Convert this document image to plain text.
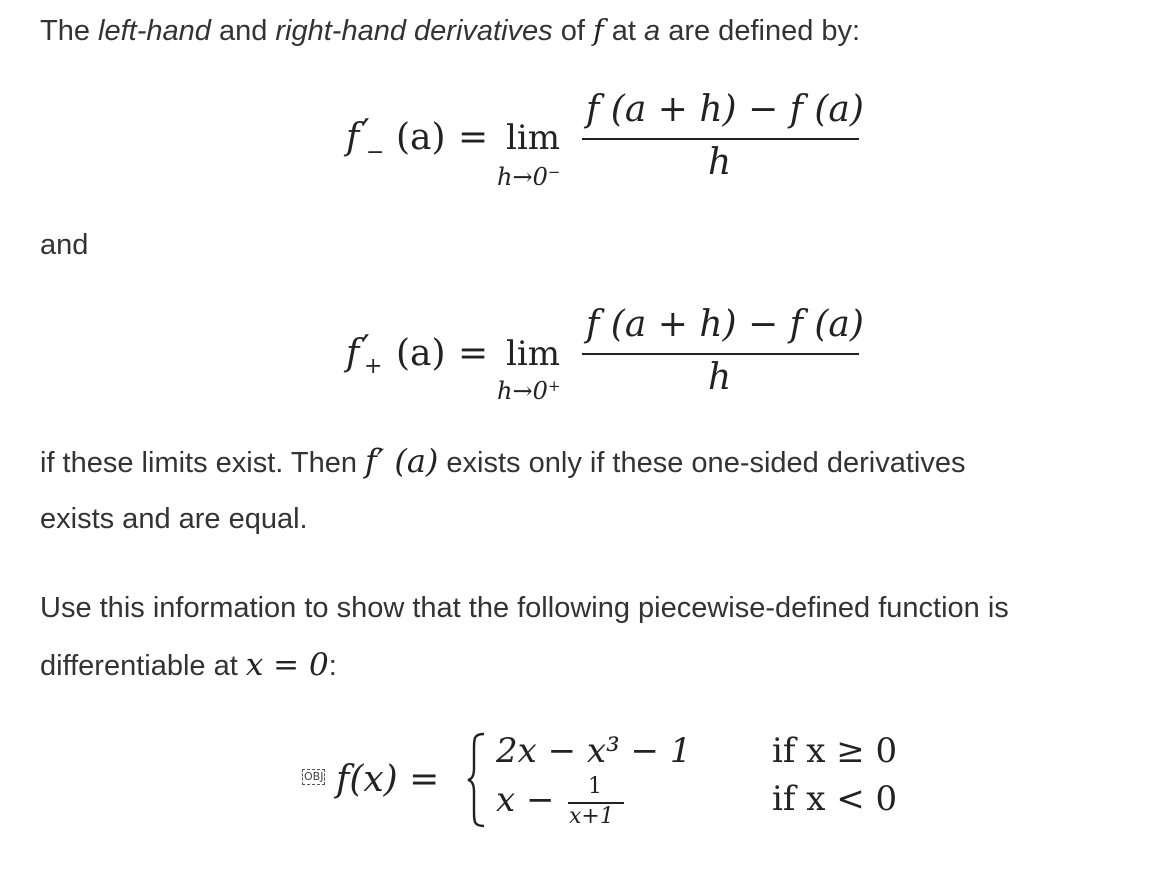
The left-hand and right-hand derivatives of f at a are defined by:
f ′
− (a) = lim
h→0−
f (a + h) − f (a)
h
and
f ′
+ (a) = lim
h→0+
f (a + h) − f (a)
h
if these limits exist. Then f′ (a) exists only if these one-sided derivatives
exists and are equal.
Use this information to show that the following piecewise-defined function is
differentiable at x = 0:
OBJ f(x) =
2x − x³ − 1 if x ≥ 0
x − 1
x+1	if x < 0
